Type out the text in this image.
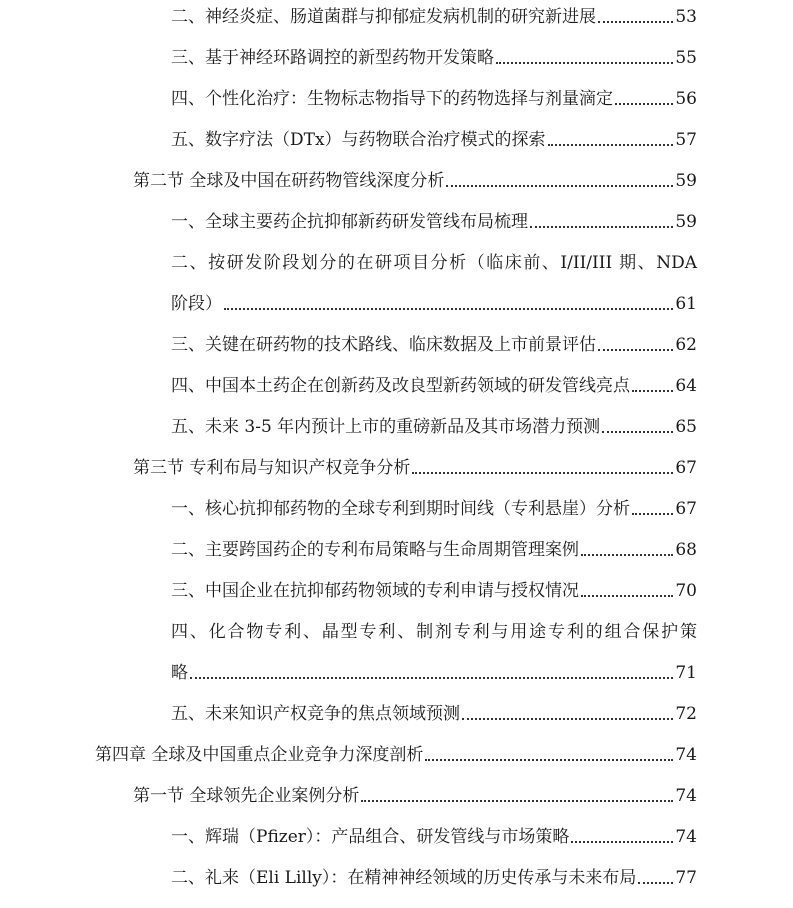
二、神经炎症、肠道菌群与抑郁症发病机制的研究新进展	53
三、基于神经环路调控的新型药物开发策略	55
四、个性化治疗：生物标志物指导下的药物选择与剂量滴定	56
五、数字疗法（DTx）与药物联合治疗模式的探索	57
第二节 全球及中国在研药物管线深度分析	59
一、全球主要药企抗抑郁新药研发管线布局梳理	59
二、按研发阶段划分的在研项目分析（临床前、I/II/III 期、NDA
阶段）	61
三、关键在研药物的技术路线、临床数据及上市前景评估	62
四、中国本土药企在创新药及改良型新药领域的研发管线亮点	64
五、未来 3-5 年内预计上市的重磅新品及其市场潜力预测	65
第三节 专利布局与知识产权竞争分析	67
一、核心抗抑郁药物的全球专利到期时间线（专利悬崖）分析	67
二、主要跨国药企的专利布局策略与生命周期管理案例	68
三、中国企业在抗抑郁药物领域的专利申请与授权情况	70
四、化合物专利、晶型专利、制剂专利与用途专利的组合保护策
略	71
五、未来知识产权竞争的焦点领域预测	72
第四章 全球及中国重点企业竞争力深度剖析	74
第一节 全球领先企业案例分析	74
一、辉瑞（Pfizer）：产品组合、研发管线与市场策略	74
二、礼来（Eli Lilly）：在精神神经领域的历史传承与未来布局 77
